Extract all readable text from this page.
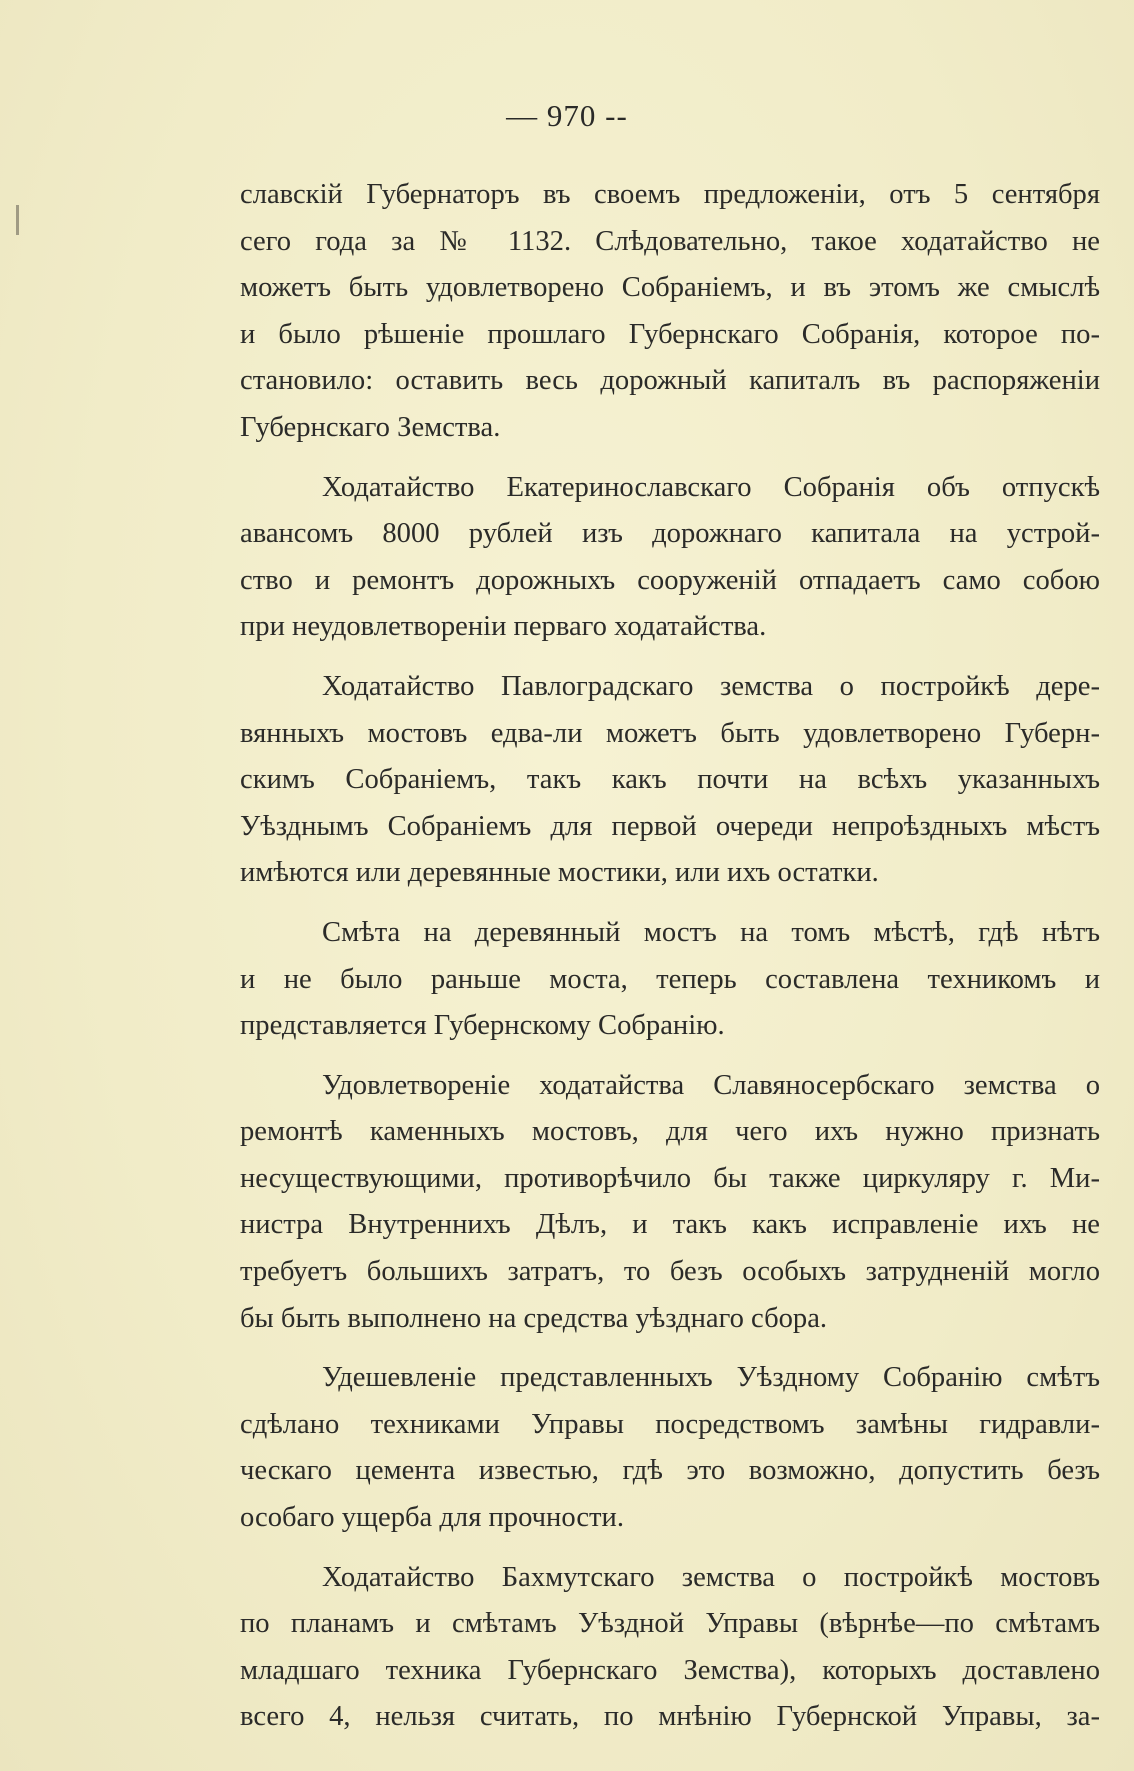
— 970 --
славскій Губернаторъ въ своемъ предложеніи, отъ 5 сентября
сего года за № 1132. Слѣдовательно, такое ходатайство не
можетъ быть удовлетворено Собраніемъ, и въ этомъ же смыслѣ
и было рѣшеніе прошлаго Губернскаго Собранія, которое по-
становило: оставить весь дорожный капиталъ въ распоряженіи
Губернскаго Земства.
Ходатайство Екатеринославскаго Собранія объ отпускѣ
авансомъ 8000 рублей изъ дорожнаго капитала на устрой-
ство и ремонтъ дорожныхъ сооруженій отпадаетъ само собою
при неудовлетвореніи перваго ходатайства.
Ходатайство Павлоградскаго земства о постройкѣ дере-
вянныхъ мостовъ едва-ли можетъ быть удовлетворено Губерн-
скимъ Собраніемъ, такъ какъ почти на всѣхъ указанныхъ
Уѣзднымъ Собраніемъ для первой очереди непроѣздныхъ мѣстъ
имѣются или деревянные мостики, или ихъ остатки.
Смѣта на деревянный мостъ на томъ мѣстѣ, гдѣ нѣтъ
и не было раньше моста, теперь составлена техникомъ и
представляется Губернскому Собранію.
Удовлетвореніе ходатайства Славяносербскаго земства о
ремонтѣ каменныхъ мостовъ, для чего ихъ нужно признать
несуществующими, противорѣчило бы также циркуляру г. Ми-
нистра Внутреннихъ Дѣлъ, и такъ какъ исправленіе ихъ не
требуетъ большихъ затратъ, то безъ особыхъ затрудненій могло
бы быть выполнено на средства уѣзднаго сбора.
Удешевленіе представленныхъ Уѣздному Собранію смѣтъ
сдѣлано техниками Управы посредствомъ замѣны гидравли-
ческаго цемента известью, гдѣ это возможно, допустить безъ
особаго ущерба для прочности.
Ходатайство Бахмутскаго земства о постройкѣ мостовъ
по планамъ и смѣтамъ Уѣздной Управы (вѣрнѣе—по смѣтамъ
младшаго техника Губернскаго Земства), которыхъ доставлено
всего 4, нельзя считать, по мнѣнію Губернской Управы, за-
